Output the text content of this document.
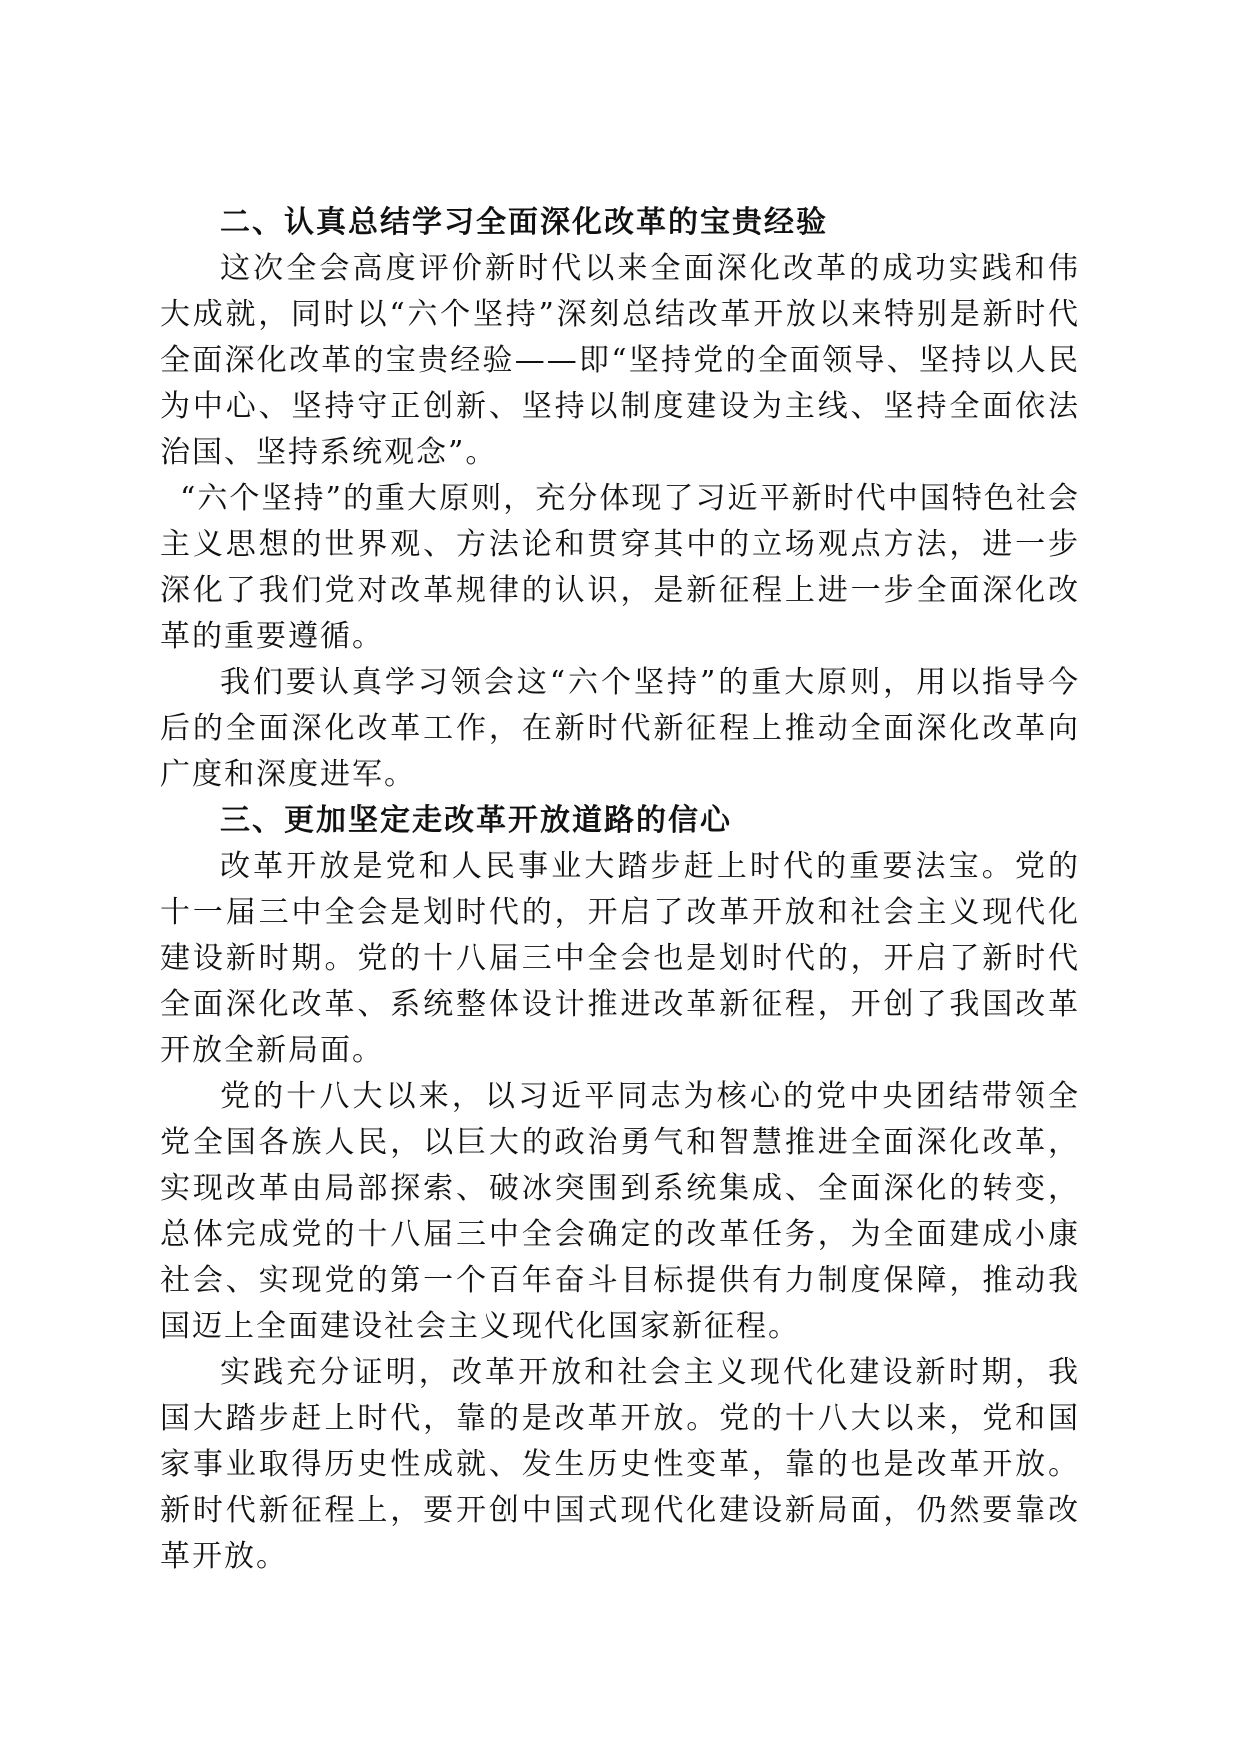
二、认真总结学习全面深化改革的宝贵经验

这次全会高度评价新时代以来全面深化改革的成功实践和伟大成就，同时以“六个坚持”深刻总结改革开放以来特别是新时代全面深化改革的宝贵经验——即“坚持党的全面领导、坚持以人民为中心、坚持守正创新、坚持以制度建设为主线、坚持全面依法治国、坚持系统观念”。

“六个坚持”的重大原则，充分体现了习近平新时代中国特色社会主义思想的世界观、方法论和贯穿其中的立场观点方法，进一步深化了我们党对改革规律的认识，是新征程上进一步全面深化改革的重要遵循。

我们要认真学习领会这“六个坚持”的重大原则，用以指导今后的全面深化改革工作，在新时代新征程上推动全面深化改革向广度和深度进军。

三、更加坚定走改革开放道路的信心

改革开放是党和人民事业大踏步赶上时代的重要法宝。党的十一届三中全会是划时代的，开启了改革开放和社会主义现代化建设新时期。党的十八届三中全会也是划时代的，开启了新时代全面深化改革、系统整体设计推进改革新征程，开创了我国改革开放全新局面。

党的十八大以来，以习近平同志为核心的党中央团结带领全党全国各族人民，以巨大的政治勇气和智慧推进全面深化改革，实现改革由局部探索、破冰突围到系统集成、全面深化的转变，总体完成党的十八届三中全会确定的改革任务，为全面建成小康社会、实现党的第一个百年奋斗目标提供有力制度保障，推动我国迈上全面建设社会主义现代化国家新征程。

实践充分证明，改革开放和社会主义现代化建设新时期，我国大踏步赶上时代，靠的是改革开放。党的十八大以来，党和国家事业取得历史性成就、发生历史性变革，靠的也是改革开放。新时代新征程上，要开创中国式现代化建设新局面，仍然要靠改革开放。
